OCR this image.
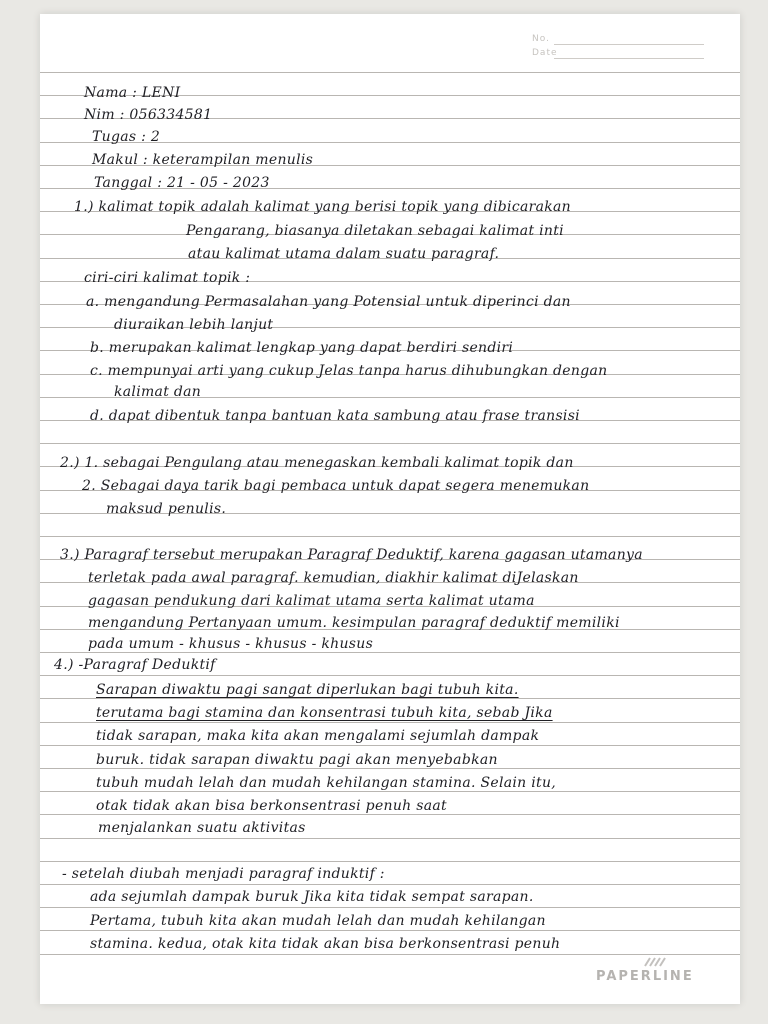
No.
Date
Nama : LENI
Nim : 056334581
Tugas : 2
Makul : keterampilan menulis
Tanggal : 21 - 05 - 2023
1.) kalimat topik adalah kalimat yang berisi topik yang dibicarakan
Pengarang, biasanya diletakan sebagai kalimat inti
atau kalimat utama dalam suatu paragraf.
ciri-ciri kalimat topik :
a. mengandung Permasalahan yang Potensial untuk diperinci dan
diuraikan lebih lanjut
b. merupakan kalimat lengkap yang dapat berdiri sendiri
c. mempunyai arti yang cukup Jelas tanpa harus dihubungkan dengan
kalimat dan
d. dapat dibentuk tanpa bantuan kata sambung atau frase transisi
2.) 1. sebagai Pengulang atau menegaskan kembali kalimat topik dan
2. Sebagai daya tarik bagi pembaca untuk dapat segera menemukan
maksud penulis.
3.) Paragraf tersebut merupakan Paragraf Deduktif, karena gagasan utamanya
terletak pada awal paragraf. kemudian, diakhir kalimat diJelaskan
gagasan pendukung dari kalimat utama serta kalimat utama
mengandung Pertanyaan umum. kesimpulan paragraf deduktif memiliki
pada umum - khusus - khusus - khusus
4.) -Paragraf Deduktif
Sarapan diwaktu pagi sangat diperlukan bagi tubuh kita.
terutama bagi stamina dan konsentrasi tubuh kita, sebab Jika
tidak sarapan, maka kita akan mengalami sejumlah dampak
buruk. tidak sarapan diwaktu pagi akan menyebabkan
tubuh mudah lelah dan mudah kehilangan stamina. Selain itu,
otak tidak akan bisa berkonsentrasi penuh saat
menjalankan suatu aktivitas
- setelah diubah menjadi paragraf induktif :
ada sejumlah dampak buruk Jika kita tidak sempat sarapan.
Pertama, tubuh kita akan mudah lelah dan mudah kehilangan
stamina. kedua, otak kita tidak akan bisa berkonsentrasi penuh
PAPERLINE
